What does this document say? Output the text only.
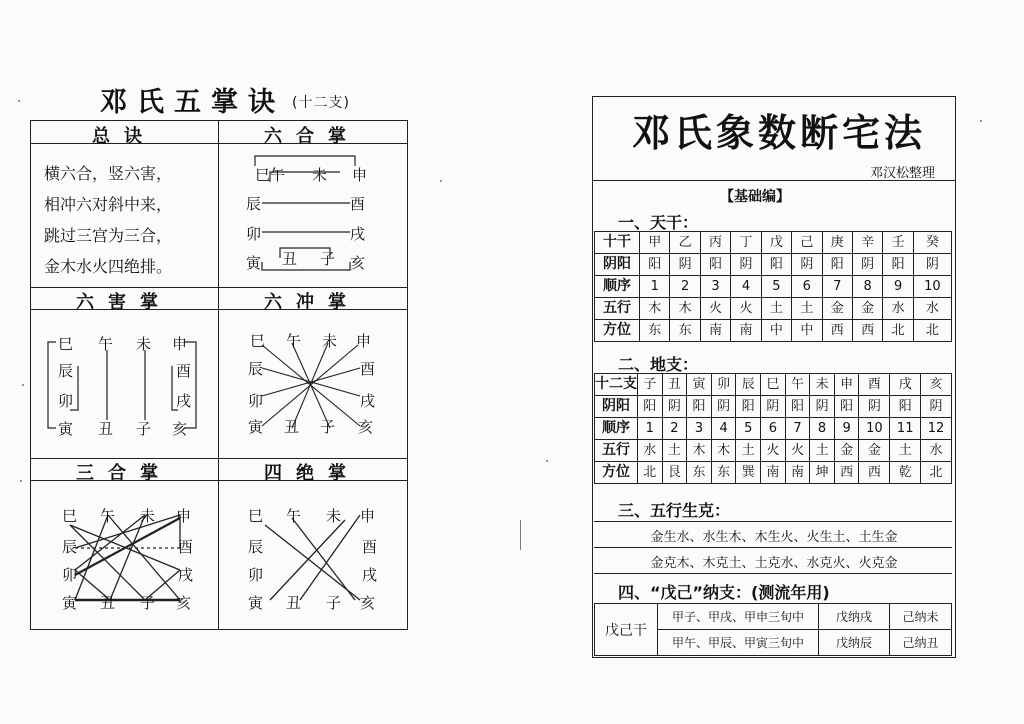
邓氏五掌诀 (十二支)
总诀	六合掌
六害掌	六冲掌
三合掌	四绝掌
横六合，竖六害，
相冲六对斜中来，
跳过三宫为三合，
金木水火四绝排。
巳 午 未 申
辰	酉
卯	戌
寅 丑 子 亥
巳 午 未 申
辰	酉
卯	戌
寅 丑 子 亥
巳 午 未 申
辰	酉
卯	戌
寅 丑 子 亥
巳 午 未 申
辰	酉
卯	戌
寅 丑 子 亥
巳 午 未 申
辰	酉
卯	戌
寅 丑 子 亥
邓氏象数断宅法
邓汉松整理
【基础编】
一、天干：
十干	甲	乙	丙	丁	戊	己	庚	辛	壬	癸
阴阳	阳	阴	阳	阴	阳	阴	阳	阴	阳	阴
顺序	1	2	3	4	5	6	7	8	9	10
五行	木	木	火	火	土	土	金	金	水	水
方位	东	东	南	南	中	中	西	西	北	北
二、地支：
十二支	子	丑	寅	卯	辰	巳	午	未	申	酉	戌	亥
阴阳	阳	阴	阳	阴	阳	阴	阳	阴	阳	阴	阳	阴
顺序	1	2	3	4	5	6	7	8	9	10	11	12
五行	水	土	木	木	土	火	火	土	金	金	土	水
方位	北	艮	东	东	巽	南	南	坤	西	西	乾	北
三、五行生克：
金生水、水生木、木生火、火生土、土生金
金克木、木克土、土克水、水克火、火克金
四、“戊己”纳支：(测流年用)
戊己干	甲子、甲戌、甲申三旬中	戊纳戌	己纳未
	甲午、甲辰、甲寅三旬中	戊纳辰	己纳丑
